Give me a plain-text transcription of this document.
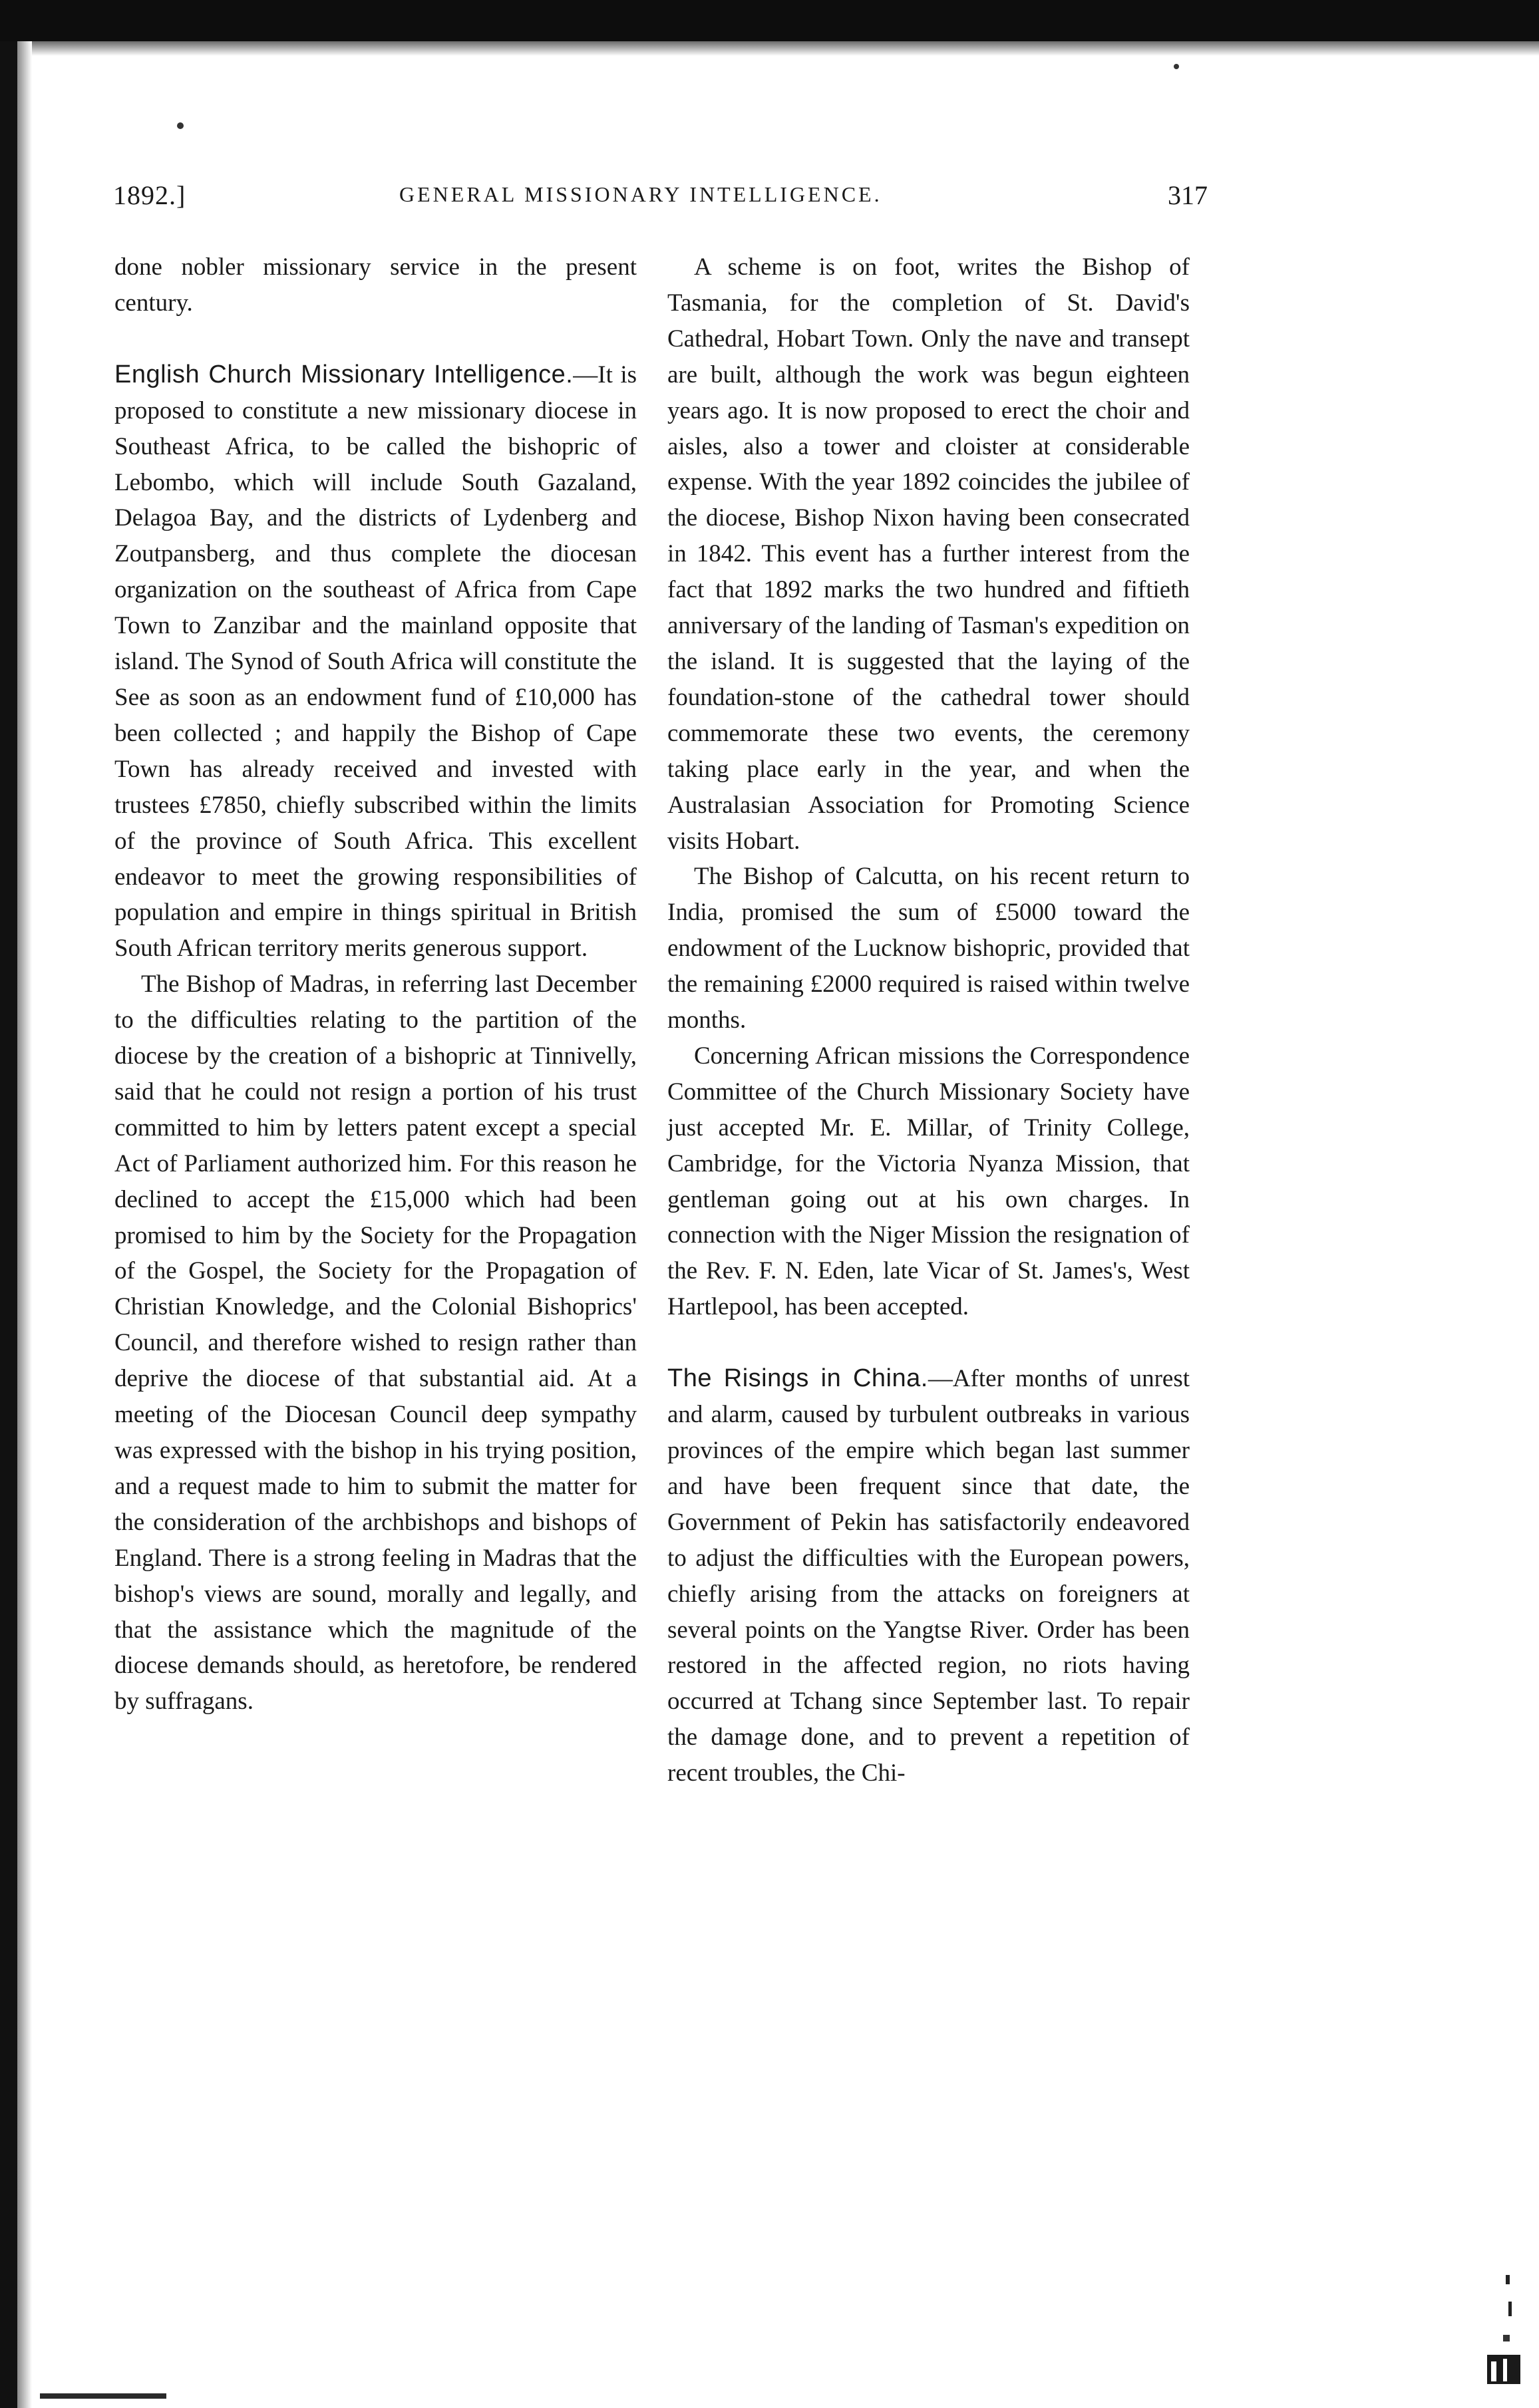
1892.]	GENERAL MISSIONARY INTELLIGENCE.	317

done nobler missionary service in the present century.

English Church Missionary Intelligence.—It is proposed to constitute a new missionary diocese in Southeast Africa, to be called the bishopric of Lebombo, which will include South Gazaland, Delagoa Bay, and the districts of Lydenberg and Zoutpansberg, and thus complete the diocesan organization on the southeast of Africa from Cape Town to Zanzibar and the mainland opposite that island. The Synod of South Africa will constitute the See as soon as an endowment fund of £10,000 has been collected ; and happily the Bishop of Cape Town has already received and invested with trustees £7850, chiefly subscribed within the limits of the province of South Africa. This excellent endeavor to meet the growing responsibilities of population and empire in things spiritual in British South African territory merits generous support.

The Bishop of Madras, in referring last December to the difficulties relating to the partition of the diocese by the creation of a bishopric at Tinnivelly, said that he could not resign a portion of his trust committed to him by letters patent except a special Act of Parliament authorized him. For this reason he declined to accept the £15,000 which had been promised to him by the Society for the Propagation of the Gospel, the Society for the Propagation of Christian Knowledge, and the Colonial Bishoprics' Council, and therefore wished to resign rather than deprive the diocese of that substantial aid. At a meeting of the Diocesan Council deep sympathy was expressed with the bishop in his trying position, and a request made to him to submit the matter for the consideration of the archbishops and bishops of England. There is a strong feeling in Madras that the bishop's views are sound, morally and legally, and that the assistance which the magnitude of the diocese demands should, as heretofore, be rendered by suffragans.

A scheme is on foot, writes the Bishop of Tasmania, for the completion of St. David's Cathedral, Hobart Town. Only the nave and transept are built, although the work was begun eighteen years ago. It is now proposed to erect the choir and aisles, also a tower and cloister at considerable expense. With the year 1892 coincides the jubilee of the diocese, Bishop Nixon having been consecrated in 1842. This event has a further interest from the fact that 1892 marks the two hundred and fiftieth anniversary of the landing of Tasman's expedition on the island. It is suggested that the laying of the foundation-stone of the cathedral tower should commemorate these two events, the ceremony taking place early in the year, and when the Australasian Association for Promoting Science visits Hobart.

The Bishop of Calcutta, on his recent return to India, promised the sum of £5000 toward the endowment of the Lucknow bishopric, provided that the remaining £2000 required is raised within twelve months.

Concerning African missions the Correspondence Committee of the Church Missionary Society have just accepted Mr. E. Millar, of Trinity College, Cambridge, for the Victoria Nyanza Mission, that gentleman going out at his own charges. In connection with the Niger Mission the resignation of the Rev. F. N. Eden, late Vicar of St. James's, West Hartlepool, has been accepted.

The Risings in China.—After months of unrest and alarm, caused by turbulent outbreaks in various provinces of the empire which began last summer and have been frequent since that date, the Government of Pekin has satisfactorily endeavored to adjust the difficulties with the European powers, chiefly arising from the attacks on foreigners at several points on the Yangtse River. Order has been restored in the affected region, no riots having occurred at Tchang since September last. To repair the damage done, and to prevent a repetition of recent troubles, the Chi-
